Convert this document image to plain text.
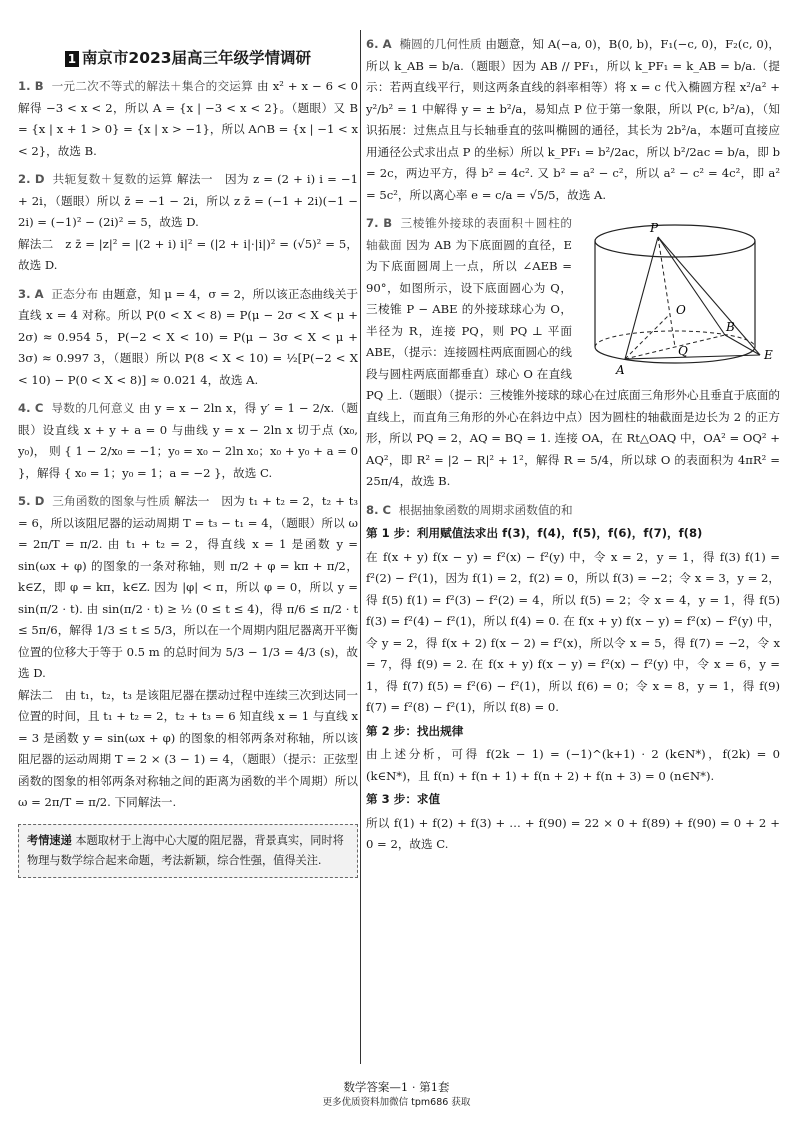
1 南京市2023届高三年级学情调研
1. B 一元二次不等式的解法＋集合的交运算 由 x² + x − 6 < 0 解得 −3 < x < 2，所以 A = {x | −3 < x < 2}。（题眼）又 B = {x | x + 1 > 0} = {x | x > −1}，所以 A∩B = {x | −1 < x < 2}，故选 B.
2. D 共轭复数＋复数的运算 解法一　因为 z = (2 + i) i = −1 + 2i，（题眼）所以 z̄ = −1 − 2i，所以 z z̄ = (−1 + 2i)(−1 − 2i) = (−1)² − (2i)² = 5，故选 D.
解法二　z z̄ = |z|² = |(2 + i) i|² = (|2 + i|·|i|)² = (√5)² = 5，故选 D.
3. A 正态分布 由题意，知 μ = 4，σ = 2，所以该正态曲线关于直线 x = 4 对称。所以 P(0 < X < 8) = P(μ − 2σ < X < μ + 2σ) ≈ 0.954 5，P(−2 < X < 10) = P(μ − 3σ < X < μ + 3σ) ≈ 0.997 3，（题眼）所以 P(8 < X < 10) = ½[P(−2 < X < 10) − P(0 < X < 8)] ≈ 0.021 4，故选 A.
4. C 导数的几何意义 由 y = x − 2ln x，得 y′ = 1 − 2/x.（题眼）设直线 x + y + a = 0 与曲线 y = x − 2ln x 切于点 (x₀, y₀)， 则 { 1 − 2/x₀ = −1；y₀ = x₀ − 2ln x₀；x₀ + y₀ + a = 0 }，解得 { x₀ = 1；y₀ = 1；a = −2 }，故选 C.
5. D 三角函数的图象与性质 解法一　因为 t₁ + t₂ = 2，t₂ + t₃ = 6，所以该阻尼器的运动周期 T = t₃ − t₁ = 4，（题眼）所以 ω = 2π/T = π/2. 由 t₁ + t₂ = 2，得直线 x = 1 是函数 y = sin(ωx + φ) 的图象的一条对称轴，则 π/2 + φ = kπ + π/2，k∈Z，即 φ = kπ，k∈Z. 因为 |φ| < π，所以 φ = 0，所以 y = sin(π/2 · t). 由 sin(π/2 · t) ≥ ½ (0 ≤ t ≤ 4)，得 π/6 ≤ π/2 · t ≤ 5π/6，解得 1/3 ≤ t ≤ 5/3，所以在一个周期内阻尼器离开平衡位置的位移大于等于 0.5 m 的总时间为 5/3 − 1/3 = 4/3 (s)，故选 D.
解法二　由 t₁，t₂，t₃ 是该阻尼器在摆动过程中连续三次到达同一位置的时间，且 t₁ + t₂ = 2，t₂ + t₃ = 6 知直线 x = 1 与直线 x = 3 是函数 y = sin(ωx + φ) 的图象的相邻两条对称轴，所以该阻尼器的运动周期 T = 2 × (3 − 1) = 4，（题眼）（提示：正弦型函数的图象的相邻两条对称轴之间的距离为函数的半个周期）所以 ω = 2π/T = π/2. 下同解法一.
考情速递 本题取材于上海中心大厦的阻尼器，背景真实，同时将物理与数学综合起来命题，考法新颖，综合性强，值得关注.
6. A 椭圆的几何性质 由题意，知 A(−a, 0)，B(0, b)，F₁(−c, 0)，F₂(c, 0)，所以 k_AB = b/a.（题眼）因为 AB // PF₁，所以 k_PF₁ = k_AB = b/a.（提示：若两直线平行，则这两条直线的斜率相等）将 x = c 代入椭圆方程 x²/a² + y²/b² = 1 中解得 y = ± b²/a，易知点 P 位于第一象限，所以 P(c, b²/a)，（知识拓展：过焦点且与长轴垂直的弦叫椭圆的通径，其长为 2b²/a，本题可直接应用通径公式求出点 P 的坐标）所以 k_PF₁ = b²/2ac，所以 b²/2ac = b/a，即 b = 2c，两边平方，得 b² = 4c². 又 b² = a² − c²，所以 a² − c² = 4c²，即 a² = 5c²，所以离心率 e = c/a = √5/5，故选 A.
P
O
Q
B
E
A
7. B 三棱锥外接球的表面积＋圆柱的轴截面 因为 AB 为下底面圆的直径，E 为下底面圆周上一点，所以 ∠AEB = 90°，如图所示，设下底面圆心为 Q，三棱锥 P − ABE 的外接球球心为 O，半径为 R，连接 PQ，则 PQ ⊥ 平面 ABE，（提示：连接圆柱两底面圆心的线段与圆柱两底面都垂直）球心 O 在直线 PQ 上.（题眼）（提示：三棱锥外接球的球心在过底面三角形外心且垂直于底面的直线上，而直角三角形的外心在斜边中点）因为圆柱的轴截面是边长为 2 的正方形，所以 PQ = 2，AQ = BQ = 1. 连接 OA，在 Rt△OAQ 中，OA² = OQ² + AQ²，即 R² = |2 − R|² + 1²，解得 R = 5/4，所以球 O 的表面积为 4πR² = 25π/4，故选 B.
8. C 根据抽象函数的周期求函数值的和
第 1 步：利用赋值法求出 f(3)，f(4)，f(5)，f(6)，f(7)，f(8)
在 f(x + y) f(x − y) = f²(x) − f²(y) 中，令 x = 2，y = 1，得 f(3) f(1) = f²(2) − f²(1)，因为 f(1) = 2，f(2) = 0，所以 f(3) = −2；令 x = 3，y = 2，得 f(5) f(1) = f²(3) − f²(2) = 4，所以 f(5) = 2；令 x = 4，y = 1，得 f(5) f(3) = f²(4) − f²(1)，所以 f(4) = 0. 在 f(x + y) f(x − y) = f²(x) − f²(y) 中，令 y = 2，得 f(x + 2) f(x − 2) = f²(x)，所以令 x = 5，得 f(7) = −2，令 x = 7，得 f(9) = 2. 在 f(x + y) f(x − y) = f²(x) − f²(y) 中，令 x = 6，y = 1，得 f(7) f(5) = f²(6) − f²(1)，所以 f(6) = 0；令 x = 8，y = 1，得 f(9) f(7) = f²(8) − f²(1)，所以 f(8) = 0.
第 2 步：找出规律
由上述分析，可得 f(2k − 1) = (−1)^(k+1) · 2 (k∈N*)，f(2k) = 0 (k∈N*)，且 f(n) + f(n + 1) + f(n + 2) + f(n + 3) = 0 (n∈N*).
第 3 步：求值
所以 f(1) + f(2) + f(3) + … + f(90) = 22 × 0 + f(89) + f(90) = 0 + 2 + 0 = 2，故选 C.
数学答案—1 · 第1套
更多优质资料加微信 tpm686 获取
